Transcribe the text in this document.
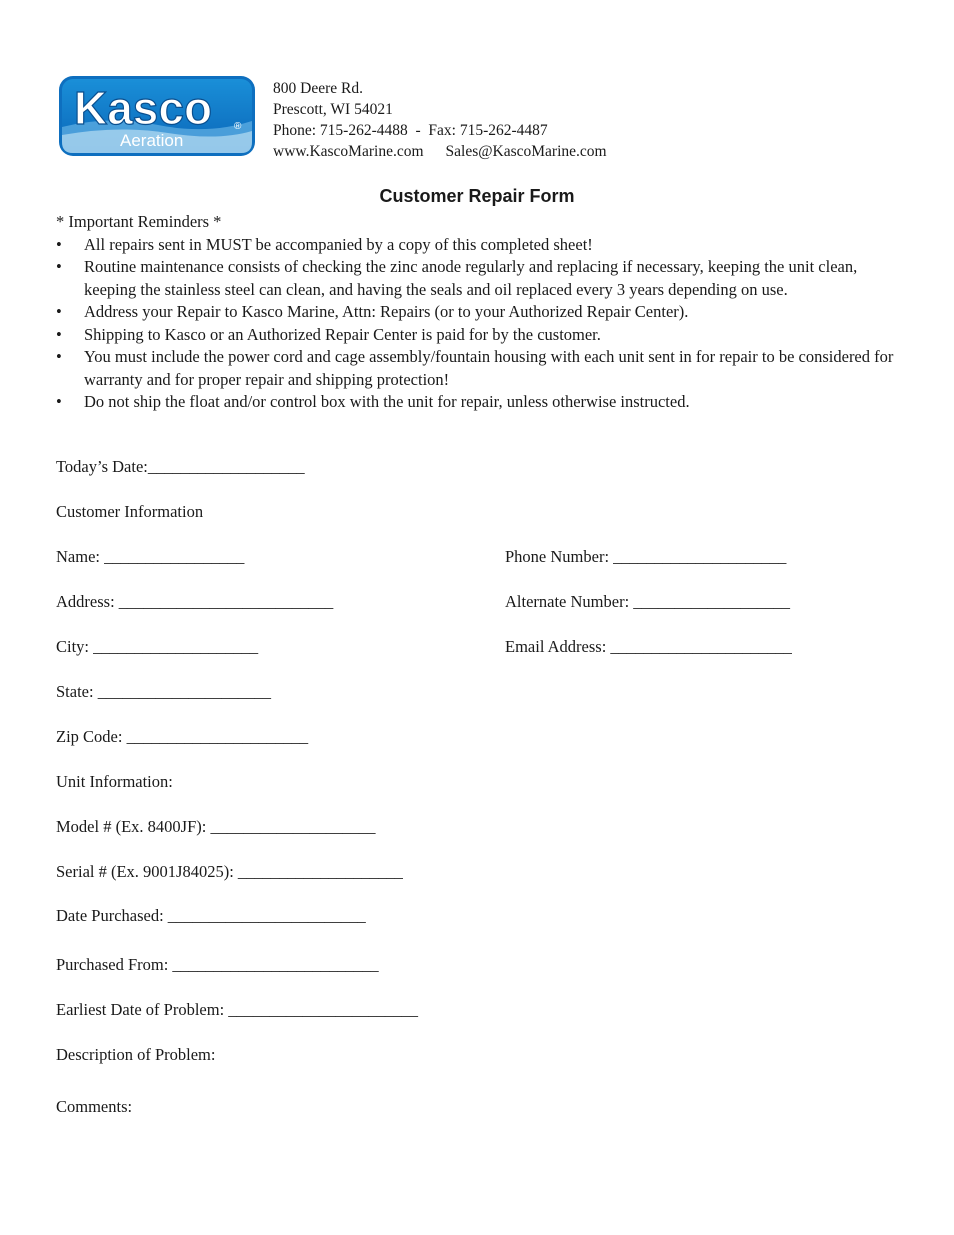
Kasco ®
Aeration
800 Deere Rd.
Prescott, WI 54021
Phone: 715-262-4488  -  Fax: 715-262-4487
www.KascoMarine.com Sales@KascoMarine.com
Customer Repair Form
* Important Reminders *
• All repairs sent in MUST be accompanied by a copy of this completed sheet!
• Routine maintenance consists of checking the zinc anode regularly and replacing if necessary, keeping the unit clean, keeping the stainless steel can clean, and having the seals and oil replaced every 3 years depending on use.
• Address your Repair to Kasco Marine, Attn: Repairs (or to your Authorized Repair Center).
• Shipping to Kasco or an Authorized Repair Center is paid for by the customer.
• You must include the power cord and cage assembly/fountain housing with each unit sent in for repair to be considered for warranty and for proper repair and shipping protection!
• Do not ship the float and/or control box with the unit for repair, unless otherwise instructed.
Today’s Date:___________________
Customer Information
Name: _________________	Phone Number: _____________________
Address: __________________________	Alternate Number: ___________________
City: ____________________	Email Address: ______________________
State: _____________________
Zip Code: ______________________
Unit Information:
Model # (Ex. 8400JF): ____________________
Serial # (Ex. 9001J84025): ____________________
Date Purchased: ________________________
Purchased From: _________________________
Earliest Date of Problem: _______________________
Description of Problem:
Comments:
